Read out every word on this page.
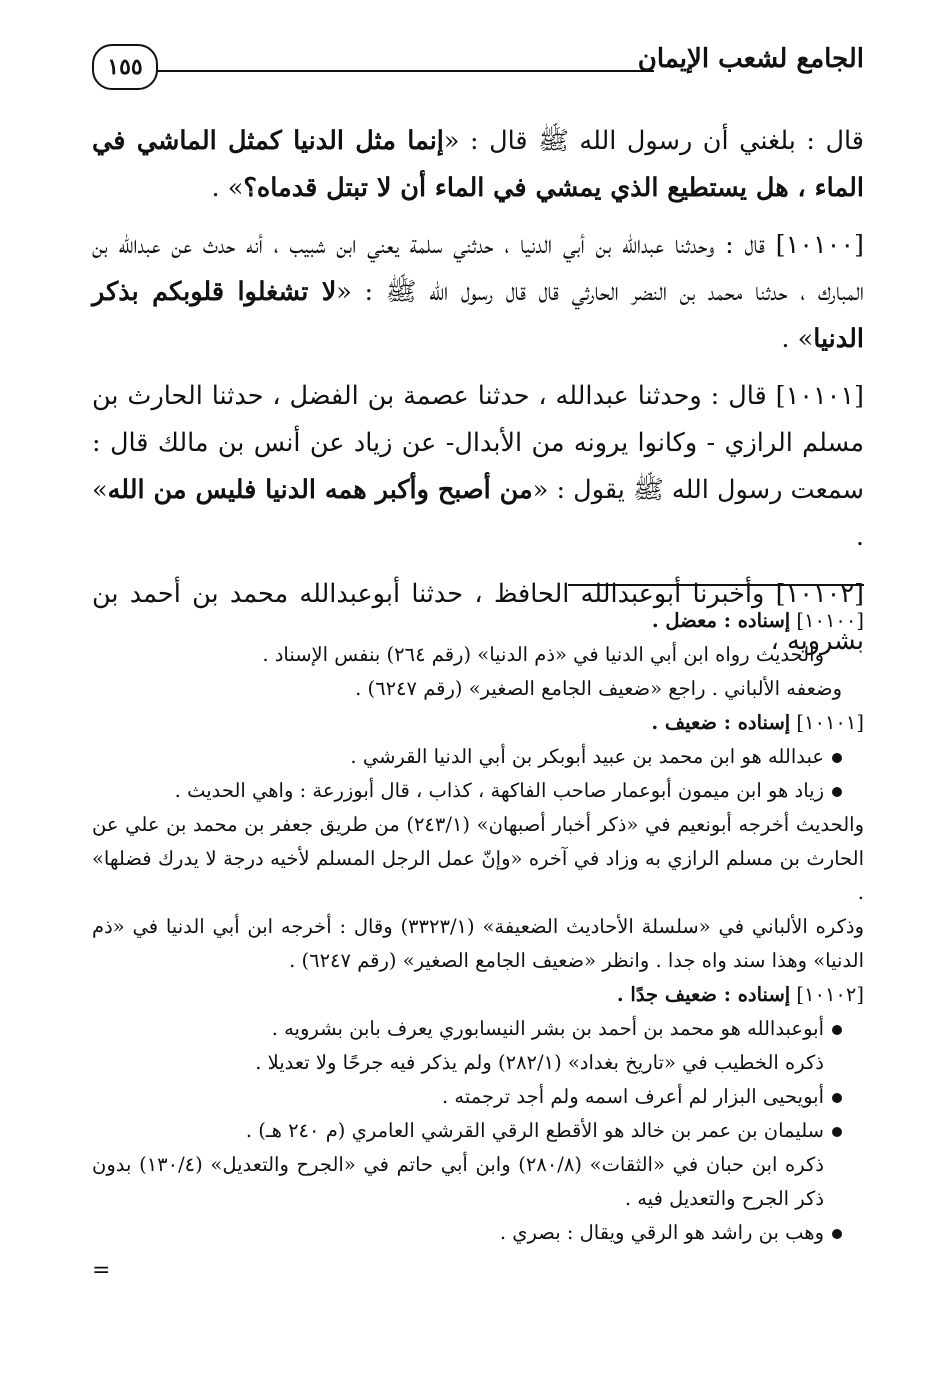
الجامع لشعب الإيمان
١٥٥

قال : بلغني أن رسول الله ﷺ قال : «إنما مثل الدنيا كمثل الماشي في الماء ، هل يستطيع الذي يمشي في الماء أن لا تبتل قدماه؟» .

[١٠١٠٠] قال : وحدثنا عبدالله بن أبي الدنيا ، حدثني سلمة يعني ابن شبيب ، أنه حدث عن عبدالله بن المبارك ، حدثنا محمد بن النضر الحارثي قال قال رسول الله ﷺ : «لا تشغلوا قلوبكم بذكر الدنيا» .

[١٠١٠١] قال : وحدثنا عبدالله ، حدثنا عصمة بن الفضل ، حدثنا الحارث بن مسلم الرازي - وكانوا يرونه من الأبدال- عن زياد عن أنس بن مالك قال : سمعت رسول الله ﷺ يقول : «من أصبح وأكبر همه الدنيا فليس من الله» .

[١٠١٠٢] وأخبرنا أبوعبدالله الحافظ ، حدثنا أبوعبدالله محمد بن أحمد بن بشرويه ،

[١٠١٠٠] إسناده : معضل .

والحديث رواه ابن أبي الدنيا في «ذم الدنيا» (رقم ٢٦٤) بنفس الإسناد .

وضعفه الألباني . راجع «ضعيف الجامع الصغير» (رقم ٦٢٤٧) .

[١٠١٠١] إسناده : ضعيف .

عبدالله هو ابن محمد بن عبيد أبوبكر بن أبي الدنيا القرشي .

زياد هو ابن ميمون أبوعمار صاحب الفاكهة ، كذاب ، قال أبوزرعة : واهي الحديث .

والحديث أخرجه أبونعيم في «ذكر أخبار أصبهان» (٢٤٣/١) من طريق جعفر بن محمد بن علي عن الحارث بن مسلم الرازي به وزاد في آخره «وإنّ عمل الرجل المسلم لأخيه درجة لا يدرك فضلها» .

وذكره الألباني في «سلسلة الأحاديث الضعيفة» (٣٣٢٣/١) وقال : أخرجه ابن أبي الدنيا في «ذم الدنيا» وهذا سند واه جدا . وانظر «ضعيف الجامع الصغير» (رقم ٦٢٤٧) .

[١٠١٠٢] إسناده : ضعيف جدًا .

أبوعبدالله هو محمد بن أحمد بن بشر النيسابوري يعرف بابن بشرويه .

ذكره الخطيب في «تاريخ بغداد» (٢٨٢/١) ولم يذكر فيه جرحًا ولا تعديلا .

أبويحيى البزار لم أعرف اسمه ولم أجد ترجمته .

سليمان بن عمر بن خالد هو الأقطع الرقي القرشي العامري (م ٢٤٠ هـ) .

ذكره ابن حبان في «الثقات» (٢٨٠/٨) وابن أبي حاتم في «الجرح والتعديل» (١٣٠/٤) بدون ذكر الجرح والتعديل فيه .

وهب بن راشد هو الرقي ويقال : بصري .

=
